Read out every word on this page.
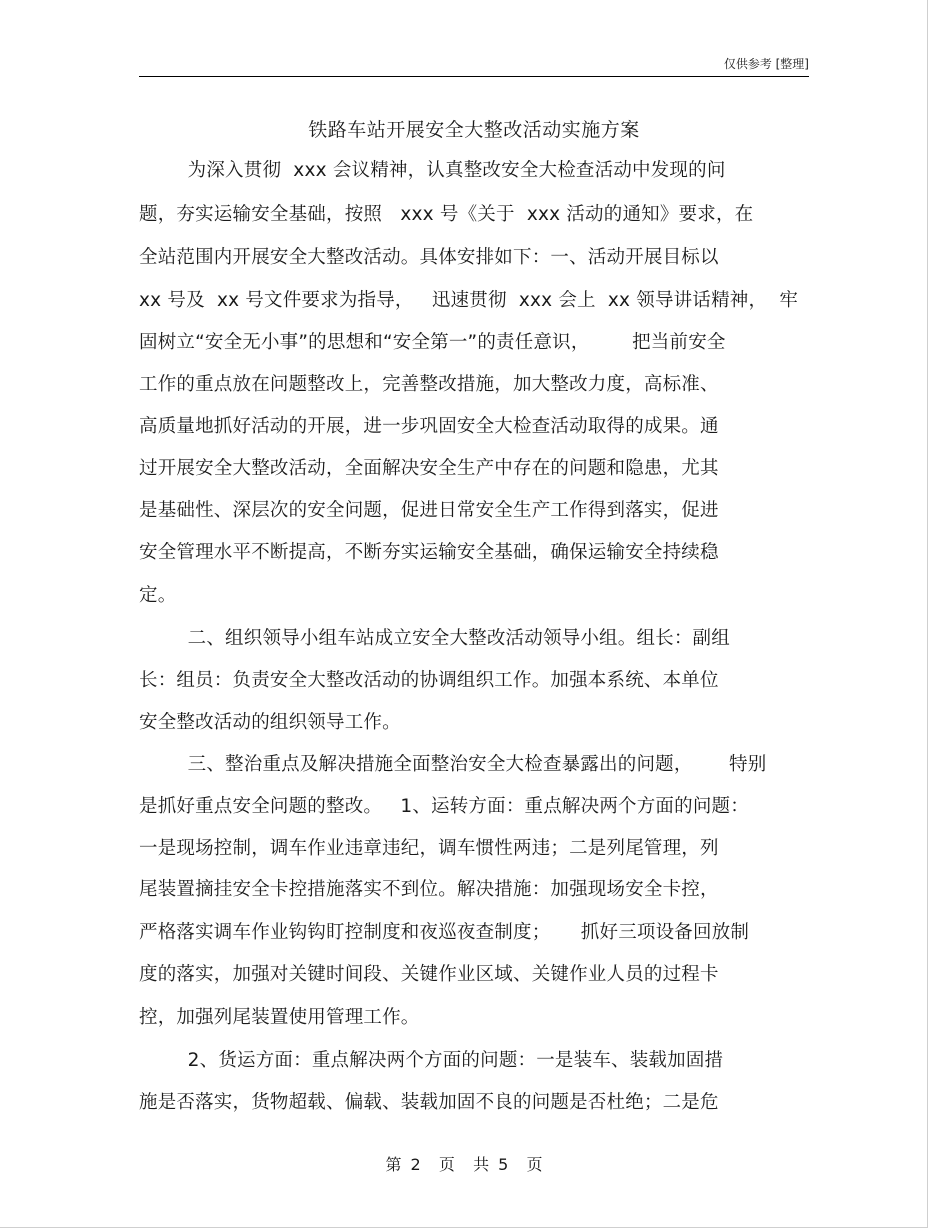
仅供参考 [整理]
铁路车站开展安全大整改活动实施方案
为深入贯彻  xxx 会议精神，认真整改安全大检查活动中发现的问
题，夯实运输安全基础，按照   xxx 号《关于  xxx 活动的通知》要求，在
全站范围内开展安全大整改活动。具体安排如下：一、活动开展目标以
xx 号及  xx 号文件要求为指导，   迅速贯彻  xxx 会上  xx 领导讲话精神，  牢
固树立“安全无小事”的思想和“安全第一”的责任意识，       把当前安全
工作的重点放在问题整改上，完善整改措施，加大整改力度，高标准、
高质量地抓好活动的开展，进一步巩固安全大检查活动取得的成果。通
过开展安全大整改活动，全面解决安全生产中存在的问题和隐患，尤其
是基础性、深层次的安全问题，促进日常安全生产工作得到落实，促进
安全管理水平不断提高，不断夯实运输安全基础，确保运输安全持续稳
定。
二、组织领导小组车站成立安全大整改活动领导小组。组长：副组
长：组员：负责安全大整改活动的协调组织工作。加强本系统、本单位
安全整改活动的组织领导工作。
三、整治重点及解决措施全面整治安全大检查暴露出的问题，      特别
是抓好重点安全问题的整改。   1、运转方面：重点解决两个方面的问题：
一是现场控制，调车作业违章违纪，调车惯性两违；二是列尾管理，列
尾装置摘挂安全卡控措施落实不到位。解决措施：加强现场安全卡控，
严格落实调车作业钩钩盯控制度和夜巡夜查制度；     抓好三项设备回放制
度的落实，加强对关键时间段、关键作业区域、关键作业人员的过程卡
控，加强列尾装置使用管理工作。
2、货运方面：重点解决两个方面的问题：一是装车、装载加固措
施是否落实，货物超载、偏载、装载加固不良的问题是否杜绝；二是危
第 2  页  共 5  页
